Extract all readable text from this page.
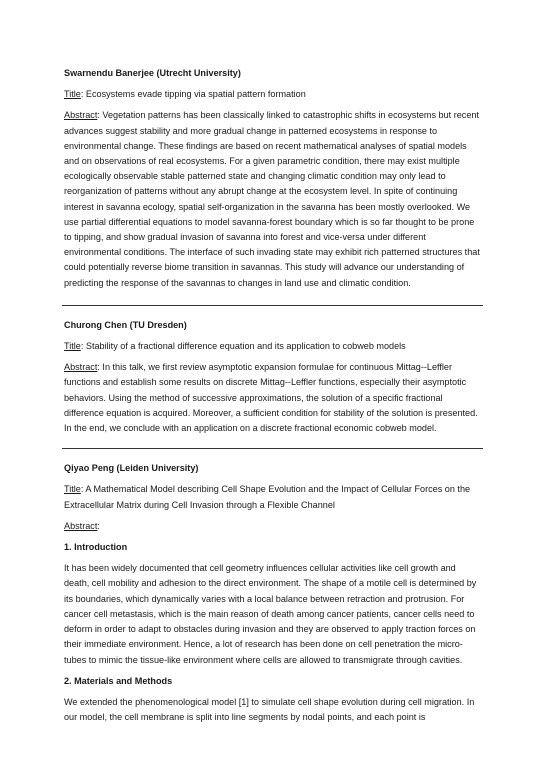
Swarnendu Banerjee (Utrecht University)

Title: Ecosystems evade tipping via spatial pattern formation

Abstract: Vegetation patterns has been classically linked to catastrophic shifts in ecosystems but recent advances suggest stability and more gradual change in patterned ecosystems in response to environmental change. These findings are based on recent mathematical analyses of spatial models and on observations of real ecosystems. For a given parametric condition, there may exist multiple ecologically observable stable patterned state and changing climatic condition may only lead to reorganization of patterns without any abrupt change at the ecosystem level. In spite of continuing interest in savanna ecology, spatial self-organization in the savanna has been mostly overlooked. We use partial differential equations to model savanna-forest boundary which is so far thought to be prone to tipping, and show gradual invasion of savanna into forest and vice-versa under different environmental conditions. The interface of such invading state may exhibit rich patterned structures that could potentially reverse biome transition in savannas. This study will advance our understanding of predicting the response of the savannas to changes in land use and climatic condition.

Churong Chen (TU Dresden)

Title: Stability of a fractional difference equation and its application to cobweb models

Abstract: In this talk, we first review asymptotic expansion formulae for continuous Mittag--Leffler functions and establish some results on discrete Mittag--Leffler functions, especially their asymptotic behaviors. Using the method of successive approximations, the solution of a specific fractional difference equation is acquired. Moreover, a sufficient condition for stability of the solution is presented. In the end, we conclude with an application on a discrete fractional economic cobweb model.

Qiyao Peng (Leiden University)

Title: A Mathematical Model describing Cell Shape Evolution and the Impact of Cellular Forces on the Extracellular Matrix during Cell Invasion through a Flexible Channel

Abstract:

1. Introduction

It has been widely documented that cell geometry influences cellular activities like cell growth and death, cell mobility and adhesion to the direct environment. The shape of a motile cell is determined by its boundaries, which dynamically varies with a local balance between retraction and protrusion. For cancer cell metastasis, which is the main reason of death among cancer patients, cancer cells need to deform in order to adapt to obstacles during invasion and they are observed to apply traction forces on their immediate environment. Hence, a lot of research has been done on cell penetration the micro-tubes to mimic the tissue-like environment where cells are allowed to transmigrate through cavities.

2. Materials and Methods

We extended the phenomenological model [1] to simulate cell shape evolution during cell migration. In our model, the cell membrane is split into line segments by nodal points, and each point is
